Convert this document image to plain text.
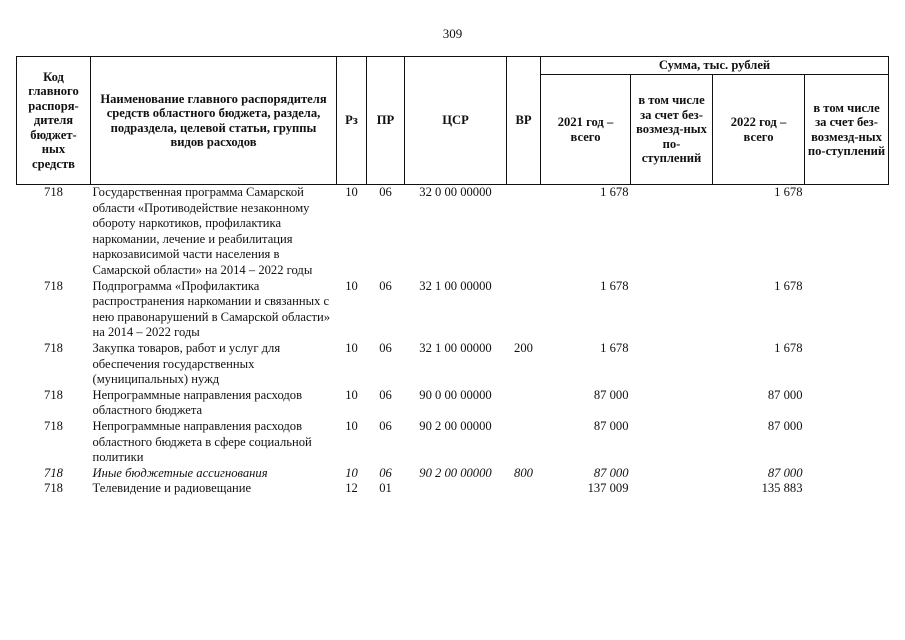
309
Код главного распоря-дителя бюджет-ных средств	Наименование главного распорядителя средств областного бюджета, раздела, подраздела, целевой статьи, группы видов расходов	Рз	ПР	ЦСР	ВР	Сумма, тыс. рублей			
						2021 год – всего	в том числе за счет без-возмезд-ных по-ступлений	2022 год – всего	в том числе за счет без-возмезд-ных по-ступлений
718	Государственная программа Самарской области «Противодействие незаконному обороту наркотиков, профилактика наркомании, лечение и реабилитация наркозависимой части населения в Самарской области» на 2014 – 2022 годы	10	06	32 0 00 00000		1 678		1 678	
718	Подпрограмма «Профилактика распространения наркомании и связанных с нею правонарушений в Самарской области» на 2014 – 2022 годы	10	06	32 1 00 00000		1 678		1 678	
718	Закупка товаров, работ и услуг для обеспечения государственных (муниципальных) нужд	10	06	32 1 00 00000	200	1 678		1 678	
718	Непрограммные направления расходов областного бюджета	10	06	90 0 00 00000		87 000		87 000	
718	Непрограммные направления расходов областного бюджета в сфере социальной политики	10	06	90 2 00 00000		87 000		87 000	
718	Иные бюджетные ассигнования	10	06	90 2 00 00000	800	87 000		87 000	
718	Телевидение и радиовещание	12	01			137 009		135 883	
